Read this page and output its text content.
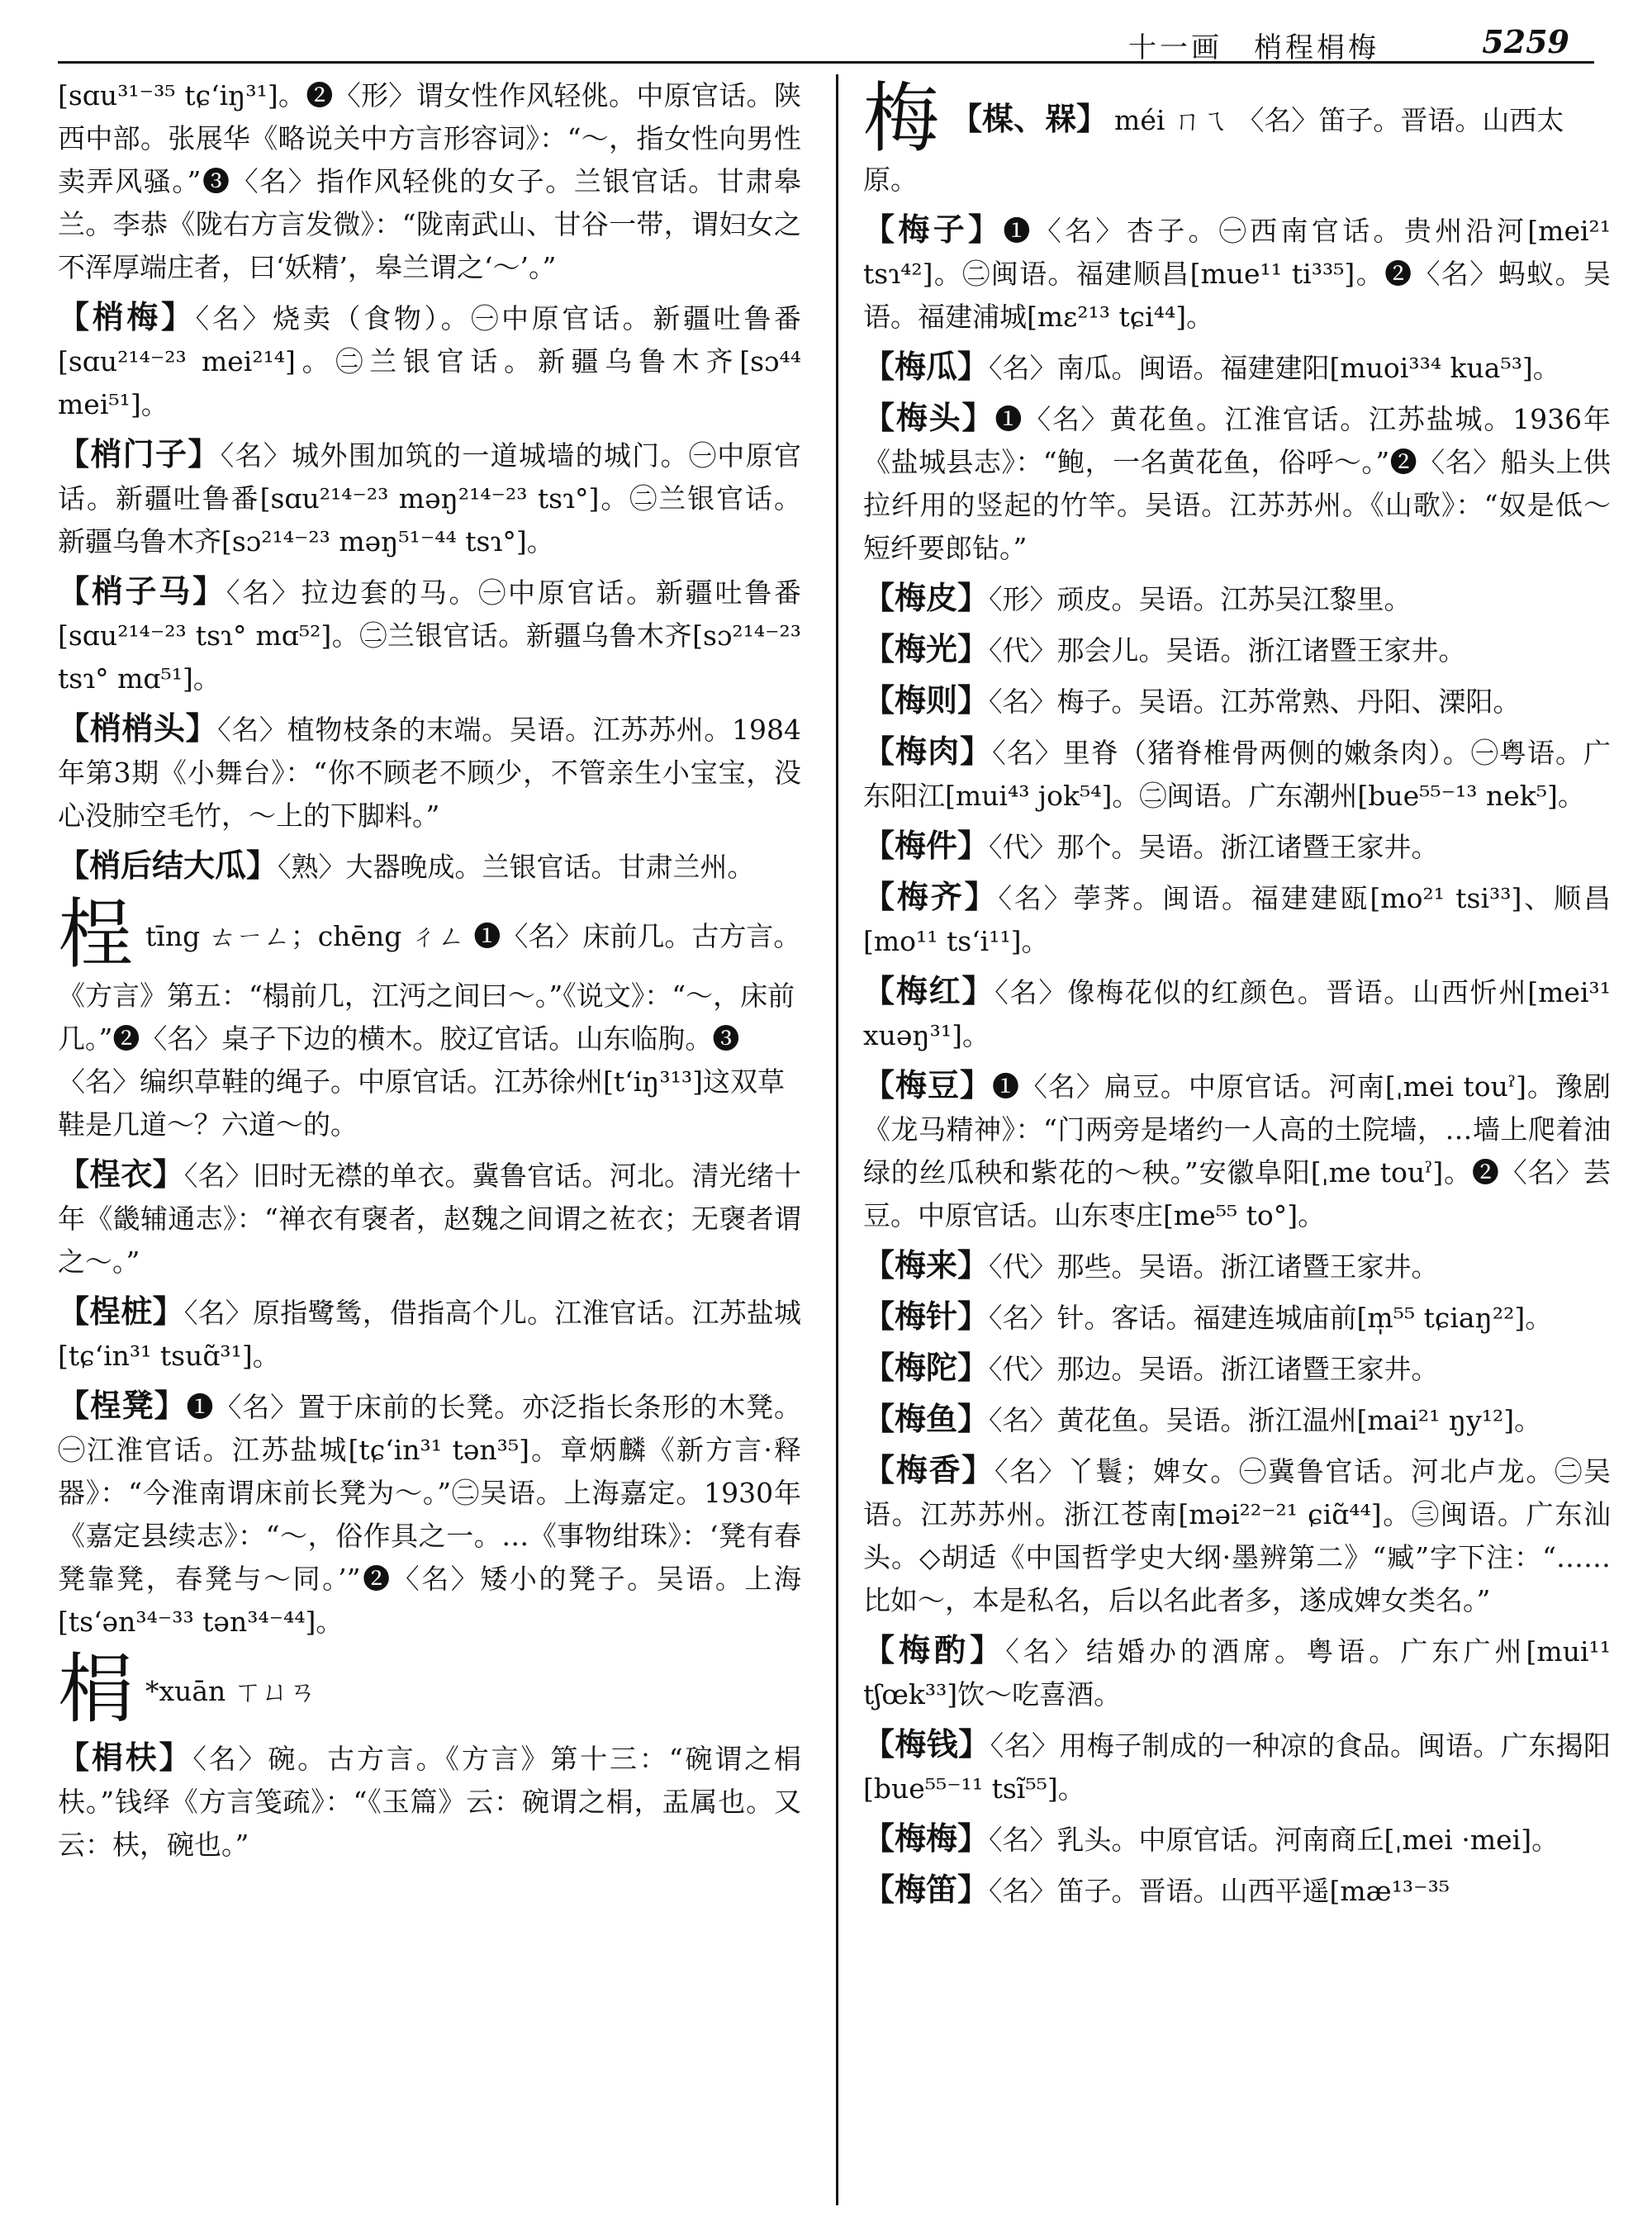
十一画　梢程梋梅	5259

[sɑu³¹⁻³⁵ tɕʻiŋ³¹]。❷〈形〉谓女性作风轻佻。中原官话。陕西中部。张展华《略说关中方言形容词》：“～，指女性向男性卖弄风骚。”❸〈名〉指作风轻佻的女子。兰银官话。甘肃皋兰。李恭《陇右方言发微》：“陇南武山、甘谷一带，谓妇女之不浑厚端庄者，曰‘妖精’，皋兰谓之‘～’。”

【梢梅】〈名〉烧卖（食物）。㊀中原官话。新疆吐鲁番[sɑu²¹⁴⁻²³ mei²¹⁴]。㊁兰银官话。新疆乌鲁木齐[sɔ⁴⁴ mei⁵¹]。

【梢门子】〈名〉城外围加筑的一道城墙的城门。㊀中原官话。新疆吐鲁番[sɑu²¹⁴⁻²³ məŋ²¹⁴⁻²³ tsɿ°]。㊁兰银官话。新疆乌鲁木齐[sɔ²¹⁴⁻²³ məŋ⁵¹⁻⁴⁴ tsɿ°]。

【梢子马】〈名〉拉边套的马。㊀中原官话。新疆吐鲁番[sɑu²¹⁴⁻²³ tsɿ° mɑ⁵²]。㊁兰银官话。新疆乌鲁木齐[sɔ²¹⁴⁻²³ tsɿ° mɑ⁵¹]。

【梢梢头】〈名〉植物枝条的末端。吴语。江苏苏州。1984年第3期《小舞台》：“你不顾老不顾少，不管亲生小宝宝，没心没肺空毛竹，～上的下脚料。”

【梢后结大瓜】〈熟〉大器晚成。兰银官话。甘肃兰州。

桯tīng ㄊㄧㄥ；chēng ㄔㄥ ❶〈名〉床前几。古方言。《方言》第五：“榻前几，江沔之间曰～。”《说文》：“～，床前几。”❷〈名〉桌子下边的横木。胶辽官话。山东临朐。❸〈名〉编织草鞋的绳子。中原官话。江苏徐州[tʻiŋ³¹³]这双草鞋是几道～？六道～的。

【桯衣】〈名〉旧时无襟的单衣。冀鲁官话。河北。清光绪十年《畿辅通志》：“禅衣有襃者，赵魏之间谓之袏衣；无襃者谓之～。”

【桯桩】〈名〉原指鹭鸶，借指高个儿。江淮官话。江苏盐城[tɕʻin³¹ tsuɑ̃³¹]。

【桯凳】❶〈名〉置于床前的长凳。亦泛指长条形的木凳。㊀江淮官话。江苏盐城[tɕʻin³¹ tən³⁵]。章炳麟《新方言·释器》：“今淮南谓床前长凳为～。”㊁吴语。上海嘉定。1930年《嘉定县续志》：“～，俗作具之一。…《事物绀珠》：‘凳有春凳靠凳，春凳与～同。’”❷〈名〉矮小的凳子。吴语。上海[tsʻən³⁴⁻³³ tən³⁴⁻⁴⁴]。

梋 *xuān ㄒㄩㄢ

【梋枎】〈名〉碗。古方言。《方言》第十三：“碗谓之梋枎。”钱绎《方言笺疏》：“《玉篇》云：碗谓之梋，盂属也。又云：枎，碗也。”

梅 【楳、槑】 méi ㄇㄟ 〈名〉笛子。晋语。山西太原。

【梅子】❶〈名〉杏子。㊀西南官话。贵州沿河[mei²¹ tsɿ⁴²]。㊁闽语。福建顺昌[mue¹¹ ti³³⁵]。❷〈名〉蚂蚁。吴语。福建浦城[mɛ²¹³ tɕi⁴⁴]。

【梅瓜】〈名〉南瓜。闽语。福建建阳[muoi³³⁴ kua⁵³]。

【梅头】❶〈名〉黄花鱼。江淮官话。江苏盐城。1936年《盐城县志》：“鲍，一名黄花鱼，俗呼～。”❷〈名〉船头上供拉纤用的竖起的竹竿。吴语。江苏苏州。《山歌》：“奴是低～短纤要郎钻。”

【梅皮】〈形〉顽皮。吴语。江苏吴江黎里。

【梅光】〈代〉那会儿。吴语。浙江诸暨王家井。

【梅则】〈名〉梅子。吴语。江苏常熟、丹阳、溧阳。

【梅肉】〈名〉里脊（猪脊椎骨两侧的嫩条肉）。㊀粤语。广东阳江[mui⁴³ jok⁵⁴]。㊁闽语。广东潮州[bue⁵⁵⁻¹³ nek⁵]。

【梅件】〈代〉那个。吴语。浙江诸暨王家井。

【梅齐】〈名〉荸荠。闽语。福建建瓯[mo²¹ tsi³³]、顺昌[mo¹¹ tsʻi¹¹]。

【梅红】〈名〉像梅花似的红颜色。晋语。山西忻州[mei³¹ xuəŋ³¹]。

【梅豆】❶〈名〉扁豆。中原官话。河南[ˌmei touˀ]。豫剧《龙马精神》：“门两旁是堵约一人高的土院墙，…墙上爬着油绿的丝瓜秧和紫花的～秧。”安徽阜阳[ˌme touˀ]。❷〈名〉芸豆。中原官话。山东枣庄[me⁵⁵ to°]。

【梅来】〈代〉那些。吴语。浙江诸暨王家井。

【梅针】〈名〉针。客话。福建连城庙前[m̩⁵⁵ tɕiaŋ²²]。

【梅陀】〈代〉那边。吴语。浙江诸暨王家井。

【梅鱼】〈名〉黄花鱼。吴语。浙江温州[mai²¹ ŋy¹²]。

【梅香】〈名〉丫鬟；婢女。㊀冀鲁官话。河北卢龙。㊁吴语。江苏苏州。浙江苍南[məi²²⁻²¹ ɕiɑ̃⁴⁴]。㊂闽语。广东汕头。◇胡适《中国哲学史大纲·墨辨第二》“臧”字下注：“……比如～，本是私名，后以名此者多，遂成婢女类名。”

【梅酌】〈名〉结婚办的酒席。粤语。广东广州[mui¹¹ tʃœk³³]饮～吃喜酒。

【梅钱】〈名〉用梅子制成的一种凉的食品。闽语。广东揭阳[bue⁵⁵⁻¹¹ tsĩ⁵⁵]。

【梅梅】〈名〉乳头。中原官话。河南商丘[ˌmei ·mei]。

【梅笛】〈名〉笛子。晋语。山西平遥[mæ¹³⁻³⁵
